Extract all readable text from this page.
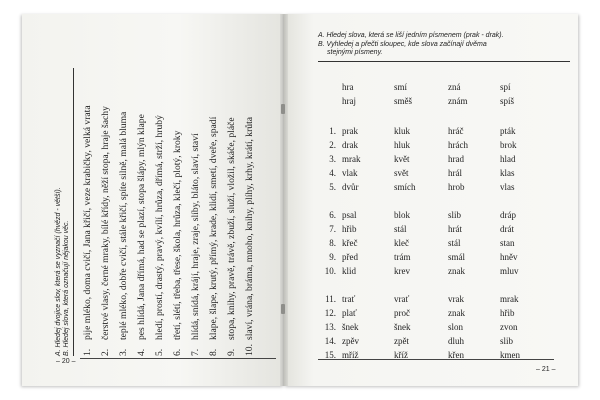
A. Hledej dvojice slov, která se vyznačí (hvězd - větší). B. Hledej slova, která označují nějakou věc.	1.
pije mléko, doma cvičí, Jana křičí, veze krabičky, velká vrata
2.
čerstvé vlasy, černé mraky, bílé křídy, něží stopa, hraje šachy
3.
teplé mléko, dobře cvičí, stále křičí, spíte silně, malá bluma
4.
pes hlídá, Jana dřímá, had se plazí, stopa šlápy, mlýn klape
5.
hledí, prostí, drastý, pravý, kvílí, hrůza, dřímá, strží, hrubý
6.
třetí, slétí, třeba, třese, škola, hrůza, klečí, plotý, kroky
7.
hlídá, snídá, krájí, hraje, zraje, slíby, bláto, slaví, staví
8.
klape, šlape, krutý, přímý, krade, klidí, smetí, dveře, spadí
9.
stopa, knihy, pravě, trávě, zbuží, služí, vložil, skáče, pláče
10.
slaví, vrána, bráma, mnoho, knihy, plíhy, krhy, krátí, krůta
– 20 –
A. Hledej slova, která se liší jedním písmenem (prak - drak).
B. Vyhledej a přečti sloupec, kde slova začínají dvěma
stejnými písmeny.
hra	smí	zná	spí
hraj	směš	znám	spíš
1. prak	kluk	hráč	pták
2. drak	hluk	hrách	brok
3. mrak	květ	hrad	hlad
4. vlak	svět	hrál	klas
5. dvůr	smích	hrob	vlas
6. psal	blok	slib	dráp
7. hřib	stál	hrát	drát
8. křeč	kleč	stál	stan
9. před	trám	smál	hněv
10. klid	krev	znak	mluv
11. trať	vrať	vrak	mrak
12. plať	proč	znak	hřib
13. šnek	šnek	slon	zvon
14. zpěv	zpět	dluh	slib
15. mříž	kříž	křen	kmen
– 21 –
